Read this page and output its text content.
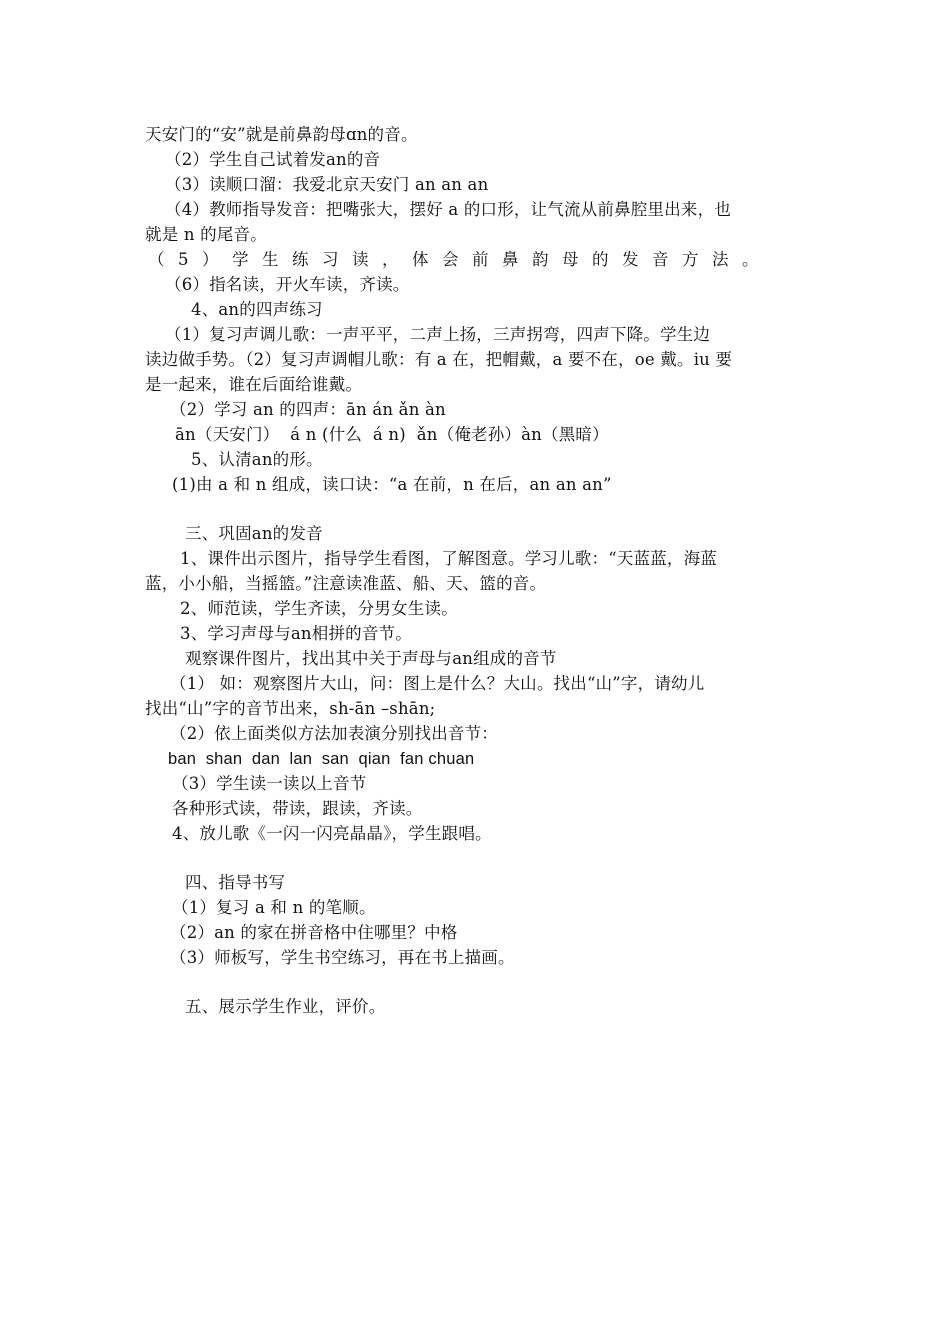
天安门的“安”就是前鼻韵母ɑn的音。
（2）学生自己试着发an的音
（3）读顺口溜：我爱北京天安门 an an an
（4）教师指导发音：把嘴张大，摆好 a 的口形，让气流从前鼻腔里出来，也
就是 n 的尾音。
（5）学生练习读，体会前鼻韵母的发音方法。
（6）指名读，开火车读，齐读。
4、an的四声练习
（1）复习声调儿歌：一声平平，二声上扬，三声拐弯，四声下降。学生边
读边做手势。（2）复习声调帽儿歌：有 a 在，把帽戴，a 要不在，oe 戴。iu 要
是一起来，谁在后面给谁戴。
（2）学习 an 的四声：ān án ǎn àn
ān（天安门）  á n (什么  á n)  ǎn（俺老孙）àn（黑暗）
5、认清an的形。
(1)由 a 和 n 组成，读口诀：“a 在前，n 在后，an an an”
三、巩固an的发音
1、课件出示图片，指导学生看图，了解图意。学习儿歌：“天蓝蓝，海蓝
蓝，小小船，当摇篮。”注意读准蓝、船、天、篮的音。
2、师范读，学生齐读，分男女生读。
3、学习声母与an相拼的音节。
观察课件图片，找出其中关于声母与an组成的音节
（1） 如：观察图片大山，问：图上是什么？大山。找出“山”字，请幼儿
找出“山”字的音节出来，sh-ān –shān;
（2）依上面类似方法加表演分别找出音节：
ban  shan  dan  lan  san  qian  fan chuan
（3）学生读一读以上音节
各种形式读，带读，跟读，齐读。
4、放儿歌《一闪一闪亮晶晶》，学生跟唱。
四、指导书写
（1）复习 a 和 n 的笔顺。
（2）an 的家在拼音格中住哪里？中格
（3）师板写，学生书空练习，再在书上描画。
五、展示学生作业，评价。
